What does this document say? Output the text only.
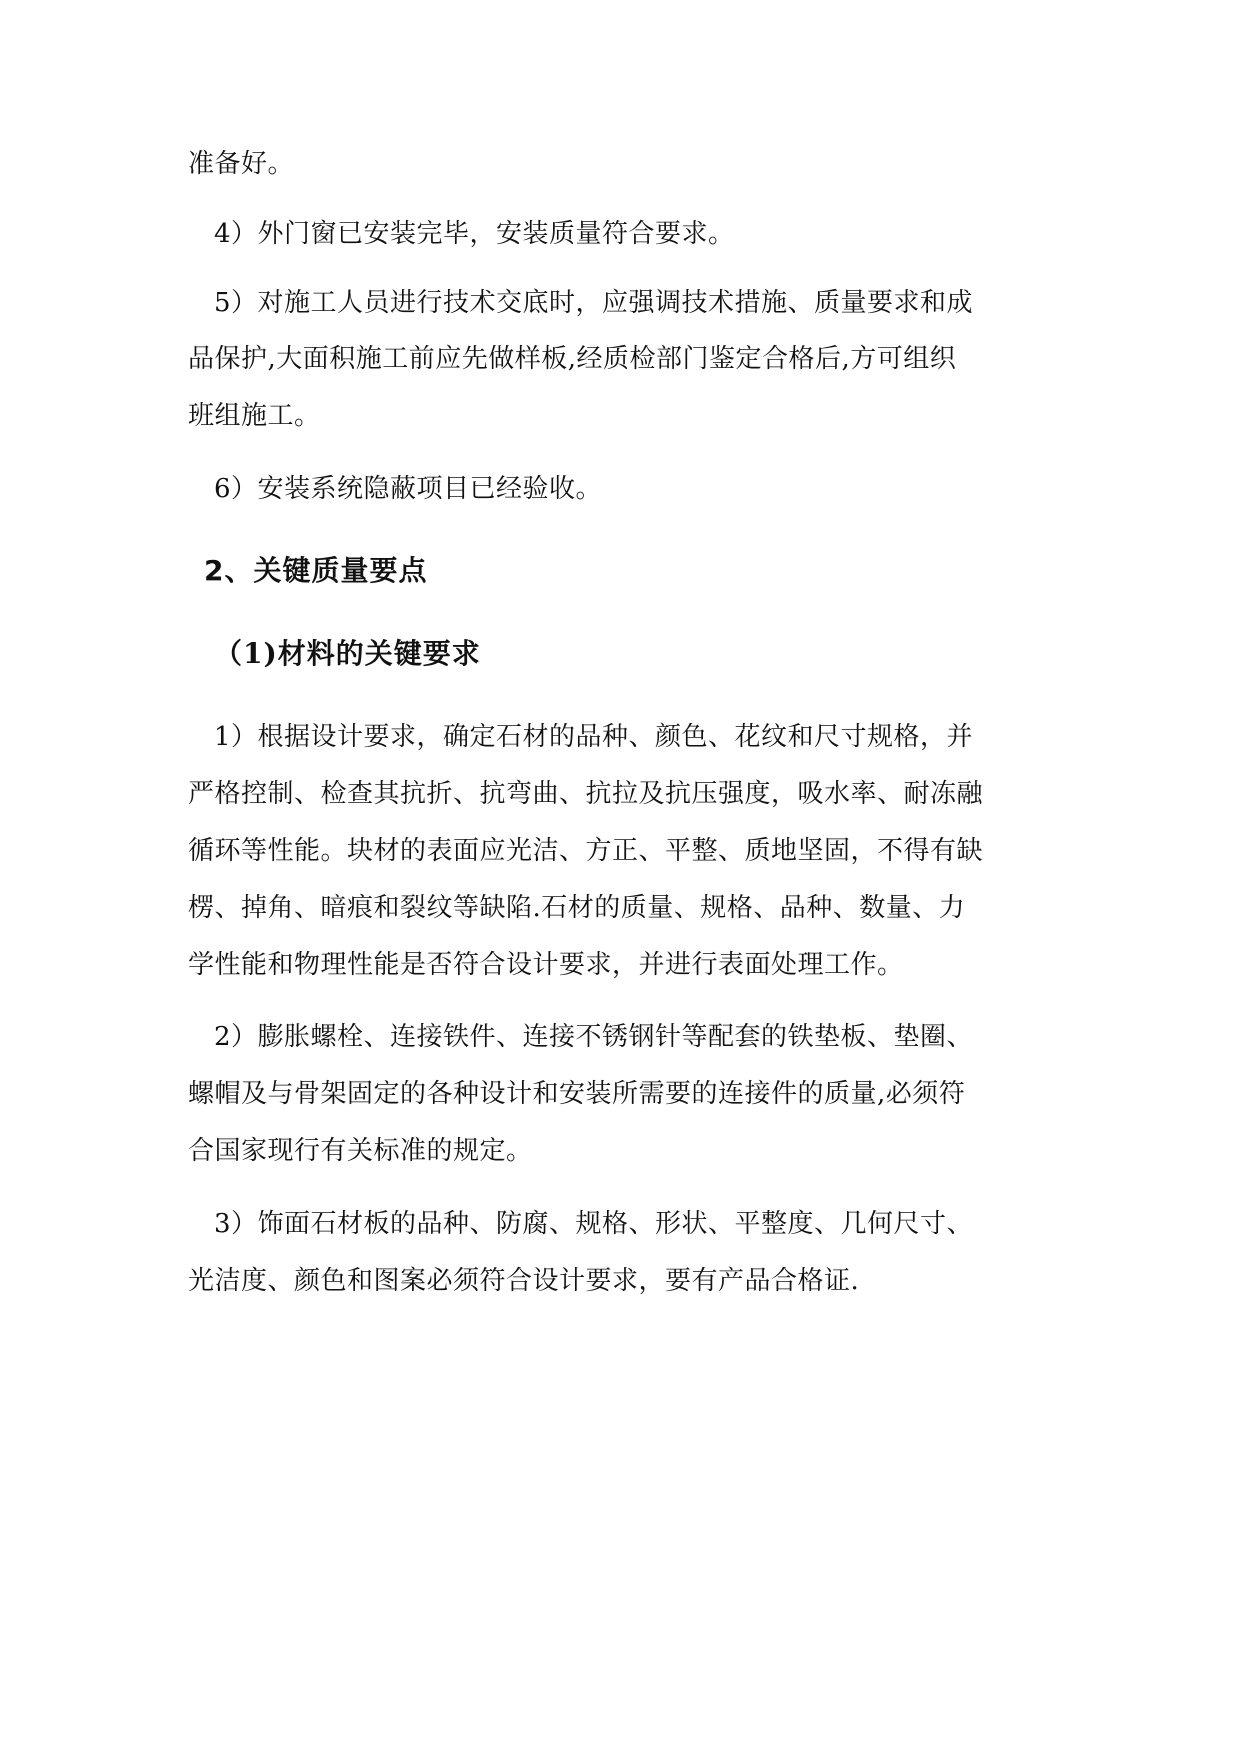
准备好。
4）外门窗已安装完毕，安装质量符合要求。
5）对施工人员进行技术交底时，应强调技术措施、质量要求和成
品保护,大面积施工前应先做样板,经质检部门鉴定合格后,方可组织
班组施工。
6）安装系统隐蔽项目已经验收。
2、关键质量要点
（1)材料的关键要求
1）根据设计要求，确定石材的品种、颜色、花纹和尺寸规格，并
严格控制、检查其抗折、抗弯曲、抗拉及抗压强度，吸水率、耐冻融
循环等性能。块材的表面应光洁、方正、平整、质地坚固，不得有缺
楞、掉角、暗痕和裂纹等缺陷.石材的质量、规格、品种、数量、力
学性能和物理性能是否符合设计要求，并进行表面处理工作。
2）膨胀螺栓、连接铁件、连接不锈钢针等配套的铁垫板、垫圈、
螺帽及与骨架固定的各种设计和安装所需要的连接件的质量,必须符
合国家现行有关标准的规定。
3）饰面石材板的品种、防腐、规格、形状、平整度、几何尺寸、
光洁度、颜色和图案必须符合设计要求，要有产品合格证.
